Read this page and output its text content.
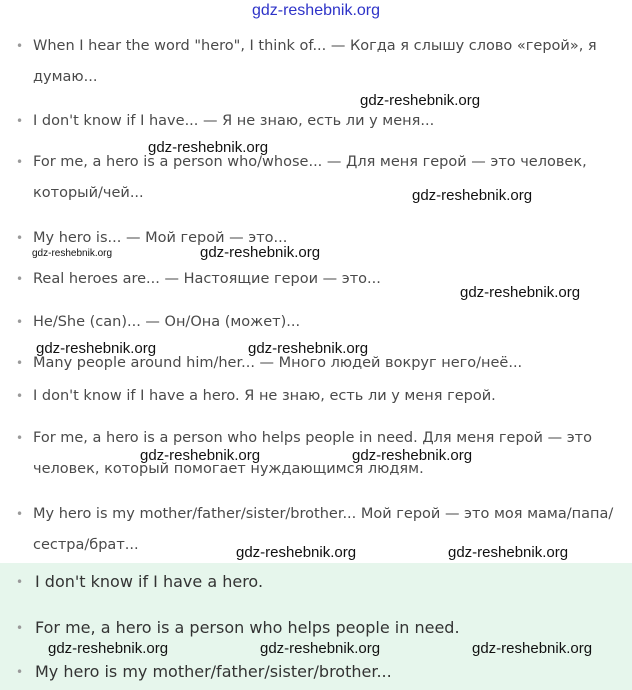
gdz-reshebnik.org
• When I hear the word "hero", I think of... — Когда я слышу слово «герой», я думаю...
• I don't know if I have... — Я не знаю, есть ли у меня...
• For me, a hero is a person who/whose... — Для меня герой — это человек, который/чей...
• My hero is... — Мой герой — это...
• Real heroes are... — Настоящие герои — это...
• He/She (can)... — Он/Она (может)...
• Many people around him/her... — Много людей вокруг него/неё...
• I don't know if I have a hero. Я не знаю, есть ли у меня герой.
• For me, a hero is a person who helps people in need. Для меня герой — это человек, который помогает нуждающимся людям.
• My hero is my mother/father/sister/brother... Мой герой — это моя мама/папа/сестра/брат...
• I don't know if I have a hero.
• For me, a hero is a person who helps people in need.
• My hero is my mother/father/sister/brother...
gdz-reshebnik.org
gdz-reshebnik.org
gdz-reshebnik.org
gdz-reshebnik.org	gdz-reshebnik.org
gdz-reshebnik.org
gdz-reshebnik.org	gdz-reshebnik.org
gdz-reshebnik.org	gdz-reshebnik.org
gdz-reshebnik.org	gdz-reshebnik.org
gdz-reshebnik.org	gdz-reshebnik.org	gdz-reshebnik.org
